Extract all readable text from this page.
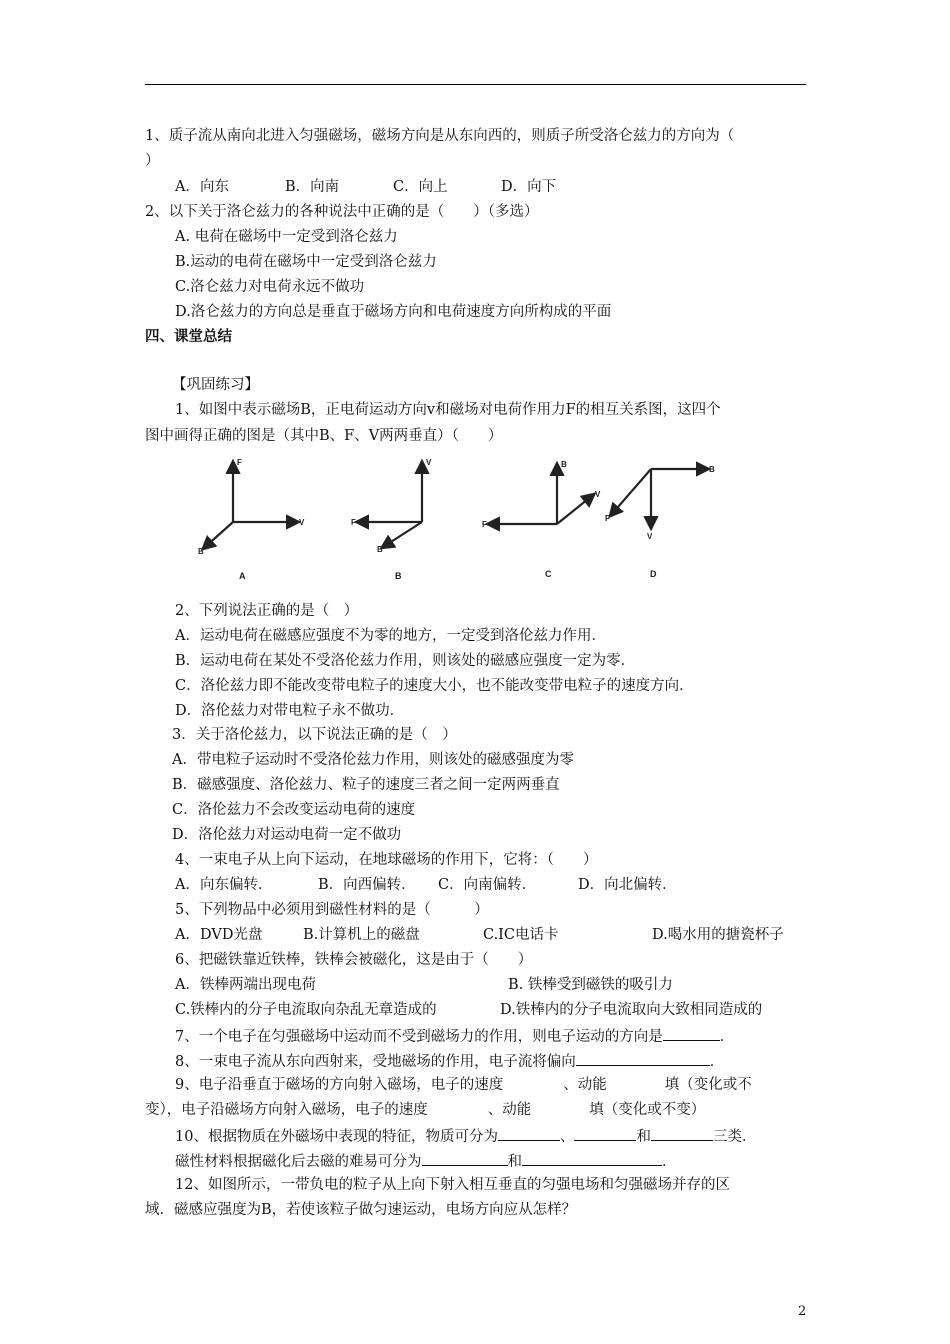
1、质子流从南向北进入匀强磁场，磁场方向是从东向西的，则质子所受洛仑兹力的方向为（
）
A．向东	B．向南	C．向上	D．向下
2、以下关于洛仑兹力的各种说法中正确的是（　　）（多选）
A. 电荷在磁场中一定受到洛仑兹力
B.运动的电荷在磁场中一定受到洛仑兹力
C.洛仑兹力对电荷永远不做功
D.洛仑兹力的方向总是垂直于磁场方向和电荷速度方向所构成的平面
四、课堂总结
【巩固练习】
1、如图中表示磁场B，正电荷运动方向v和磁场对电荷作用力F的相互关系图，这四个
图中画得正确的图是（其中B、F、V两两垂直）（　　）
F
V
B
V
F
B
B
F
V
B
V
F
A	B	C	D
2、下列说法正确的是（　）
A．运动电荷在磁感应强度不为零的地方，一定受到洛伦兹力作用．
B．运动电荷在某处不受洛伦兹力作用，则该处的磁感应强度一定为零．
C．洛伦兹力即不能改变带电粒子的速度大小，也不能改变带电粒子的速度方向．
D．洛伦兹力对带电粒子永不做功．
3．关于洛伦兹力，以下说法正确的是（　）
A．带电粒子运动时不受洛伦兹力作用，则该处的磁感强度为零
B．磁感强度、洛伦兹力、粒子的速度三者之间一定两两垂直
C．洛伦兹力不会改变运动电荷的速度
D．洛伦兹力对运动电荷一定不做功
4、一束电子从上向下运动，在地球磁场的作用下，它将：（　　）
A．向东偏转．	B．向西偏转． C．向南偏转．	D．向北偏转．
5、下列物品中必须用到磁性材料的是（　　　）
A．DVD光盘	B.计算机上的磁盘	C.IC电话卡	D.喝水用的搪瓷杯子
6、把磁铁靠近铁棒，铁棒会被磁化，这是由于（　　）
A．铁棒两端出现电荷	B. 铁棒受到磁铁的吸引力
C.铁棒内的分子电流取向杂乱无章造成的	D.铁棒内的分子电流取向大致相同造成的
7、一个电子在匀强磁场中运动而不受到磁场力的作用，则电子运动的方向是	．
8、一束电子流从东向西射来，受地磁场的作用，电子流将偏向	．
9、电子沿垂直于磁场的方向射入磁场，电子的速度	、动能	填（变化或不
变），电子沿磁场方向射入磁场，电子的速度	、动能	填（变化或不变）
10、根据物质在外磁场中表现的特征，物质可分为	、	和	三类．
磁性材料根据磁化后去磁的难易可分为	和	．
12、如图所示，一带负电的粒子从上向下射入相互垂直的匀强电场和匀强磁场并存的区
域．磁感应强度为B，若使该粒子做匀速运动，电场方向应从怎样？
2
